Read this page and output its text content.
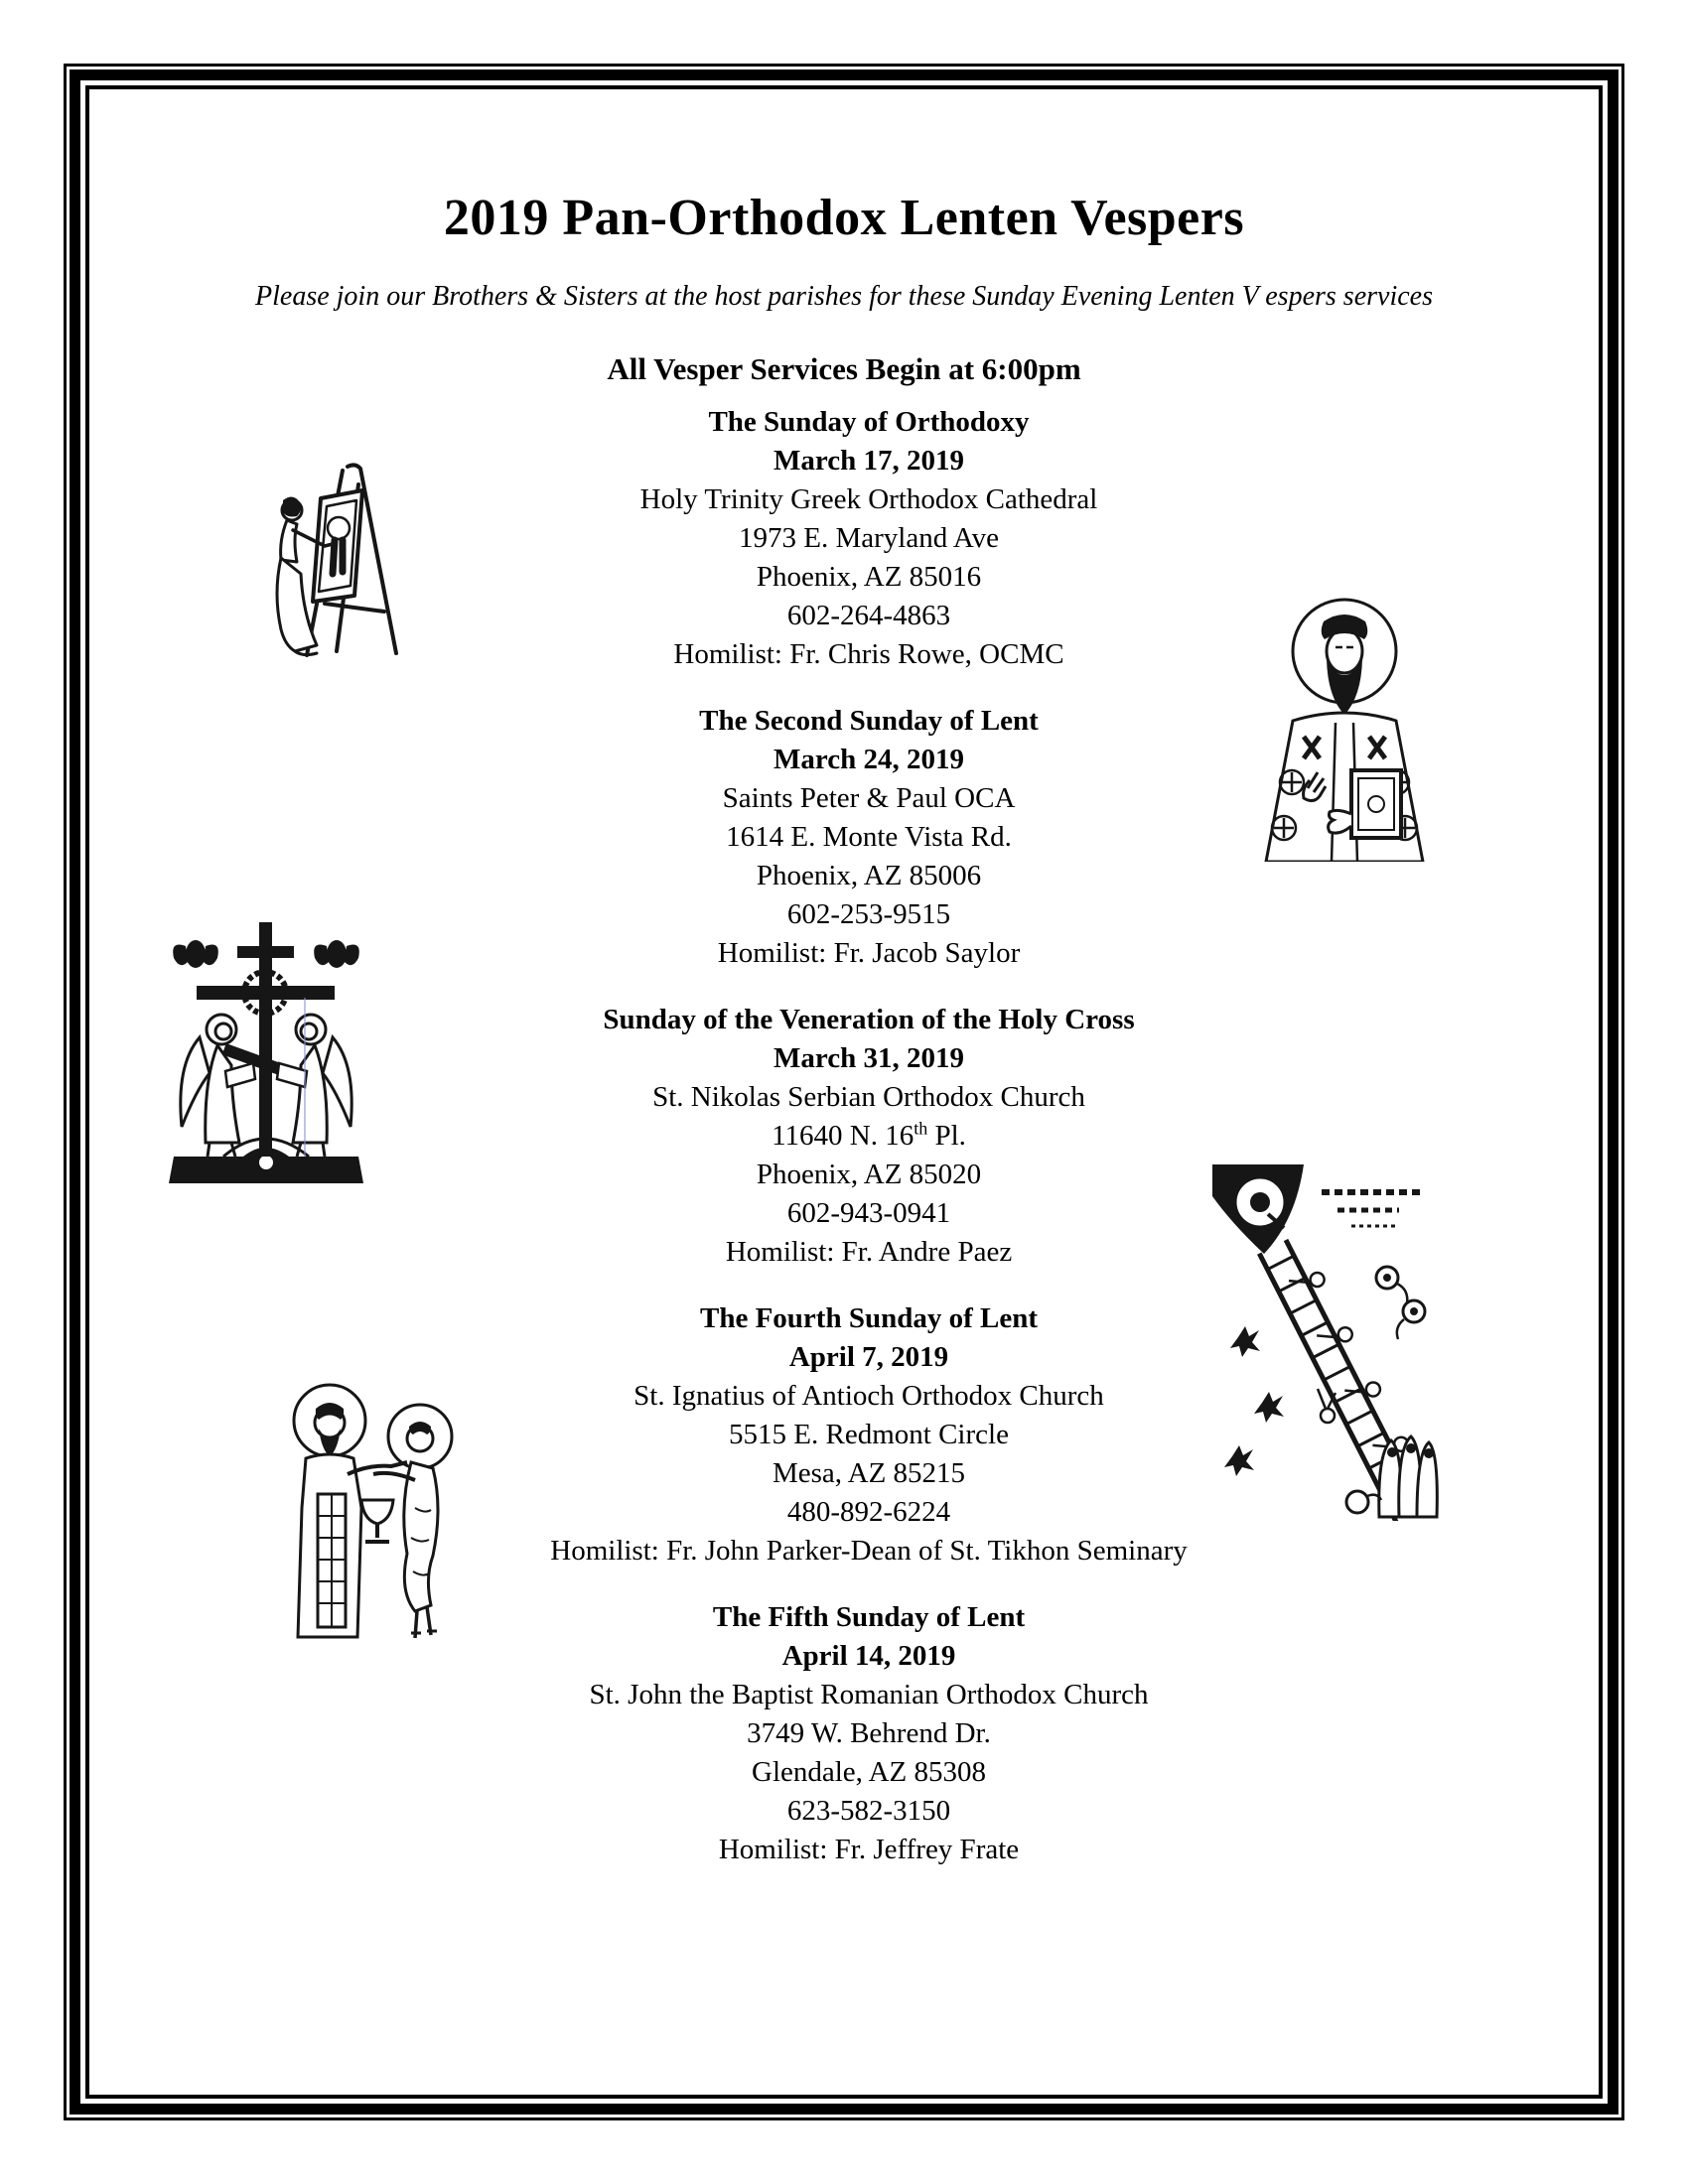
2019 Pan-Orthodox Lenten Vespers
Please join our Brothers & Sisters at the host parishes for these Sunday Evening Lenten V espers services
All Vesper Services Begin at 6:00pm
The Sunday of Orthodoxy
March 17, 2019
Holy Trinity Greek Orthodox Cathedral
1973 E. Maryland Ave
Phoenix, AZ 85016
602-264-4863
Homilist: Fr. Chris Rowe, OCMC
The Second Sunday of Lent
March 24, 2019
Saints Peter & Paul OCA
1614 E. Monte Vista Rd.
Phoenix, AZ 85006
602-253-9515
Homilist: Fr. Jacob Saylor
Sunday of the Veneration of the Holy Cross
March 31, 2019
St. Nikolas Serbian Orthodox Church
11640 N. 16th Pl.
Phoenix, AZ 85020
602-943-0941
Homilist: Fr. Andre Paez
The Fourth Sunday of Lent
April 7, 2019
St. Ignatius of Antioch Orthodox Church
5515 E. Redmont Circle
Mesa, AZ 85215
480-892-6224
Homilist: Fr. John Parker-Dean of St. Tikhon Seminary
The Fifth Sunday of Lent
April 14, 2019
St. John the Baptist Romanian Orthodox Church
3749 W. Behrend Dr.
Glendale, AZ 85308
623-582-3150
Homilist: Fr. Jeffrey Frate
